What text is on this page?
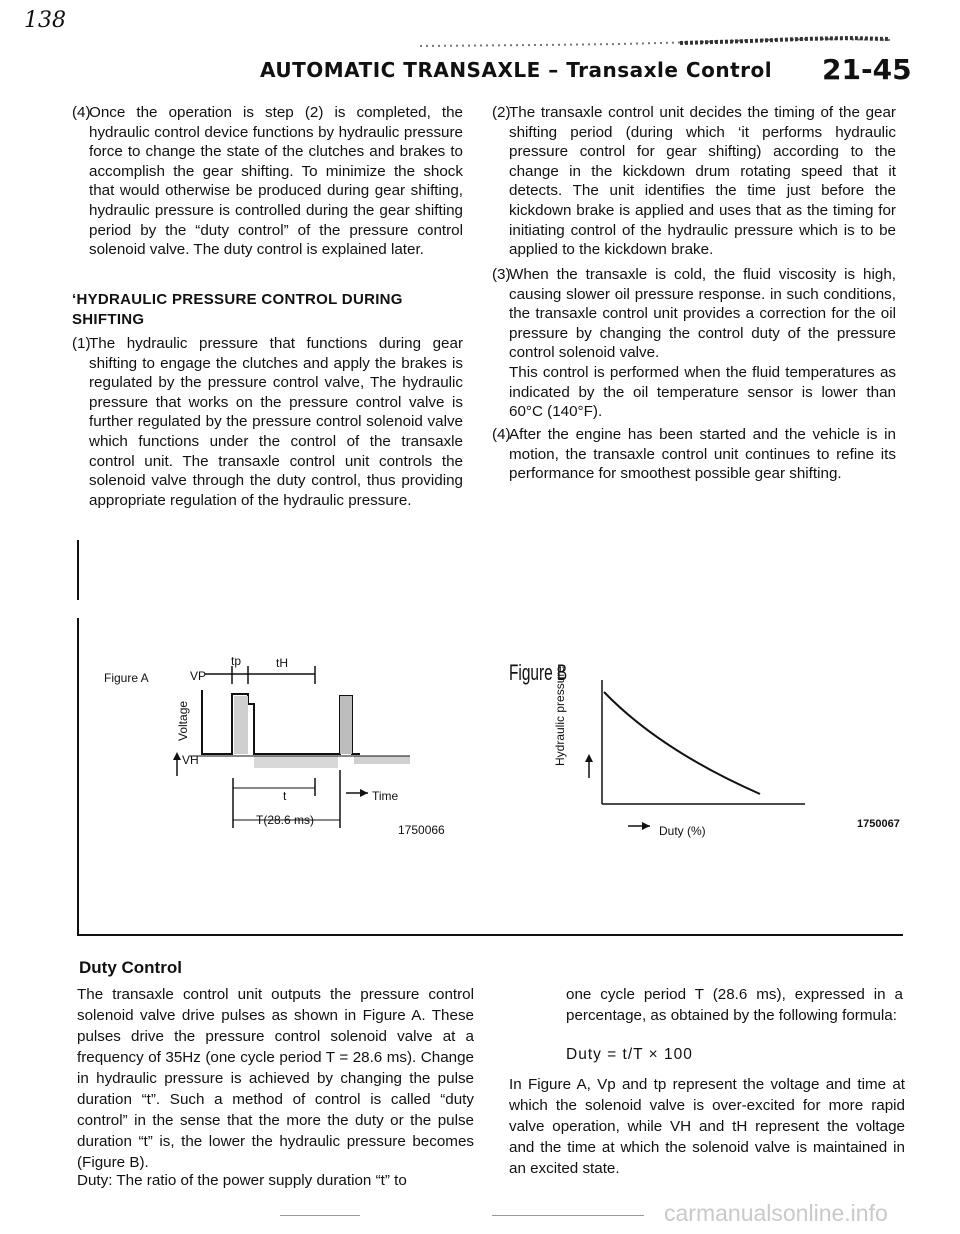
138
AUTOMATIC TRANSAXLE – Transaxle Control 21-45
(4)
Once the operation is step (2) is completed, the hydraulic control device functions by hydraulic pressure force to change the state of the clutches and brakes to accomplish the gear shifting. To minimize the shock that would otherwise be produced during gear shifting, hydraulic pressure is controlled during the gear shifting period by the “duty control” of the pressure control solenoid valve. The duty control is explained later.
‘HYDRAULIC PRESSURE CONTROL DURING SHIFTING
(1)
The hydraulic pressure that functions during gear shifting to engage the clutches and apply the brakes is regulated by the pressure control valve, The hydraulic pressure that works on the pressure control valve is further regulated by the pressure control solenoid valve which functions under the control of the transaxle control unit. The transaxle control unit controls the solenoid valve through the duty control, thus providing appropriate regulation of the hydraulic pressure.
(2)
The transaxle control unit decides the timing of the gear shifting period (during which ‘it performs hydraulic pressure control for gear shifting) according to the change in the kickdown drum rotating speed that it detects. The unit identifies the time just before the kickdown brake is applied and uses that as the timing for initiating control of the hydraulic pressure which is to be applied to the kickdown brake.
(3)
When the transaxle is cold, the fluid viscosity is high, causing slower oil pressure response. in such conditions, the transaxle control unit provides a correction for the oil pressure by changing the control duty of the pressure control solenoid valve.
This control is performed when the fluid temperatures as indicated by the oil temperature sensor is lower than 60°C (140°F).
(4)
After the engine has been started and the vehicle is in motion, the transaxle control unit continues to refine its performance for smoothest possible gear shifting.
Figure A
tp	tH
VP
VH
Voltage
t	Time
T(28.6 ms)
1750066
Figure B
Hydraulic pressure
Duty (%)	1750067
Duty Control
The transaxle control unit outputs the pressure control solenoid valve drive pulses as shown in Figure A. These pulses drive the pressure control solenoid valve at a frequency of 35Hz (one cycle period T = 28.6 ms). Change in hydraulic pressure is achieved by changing the pulse duration “t”. Such a method of control is called “duty control” in the sense that the more the duty or the pulse duration “t” is, the lower the hydraulic pressure becomes (Figure B).
Duty: The ratio of the power supply duration “t” to
one cycle period T (28.6 ms), expressed in a percentage, as obtained by the following formula:
Duty = t/T × 100
In Figure A, Vp and tp represent the voltage and time at which the solenoid valve is over-excited for more rapid valve operation, while VH and tH represent the voltage and the time at which the solenoid valve is maintained in an excited state.
carmanualsonline.info
